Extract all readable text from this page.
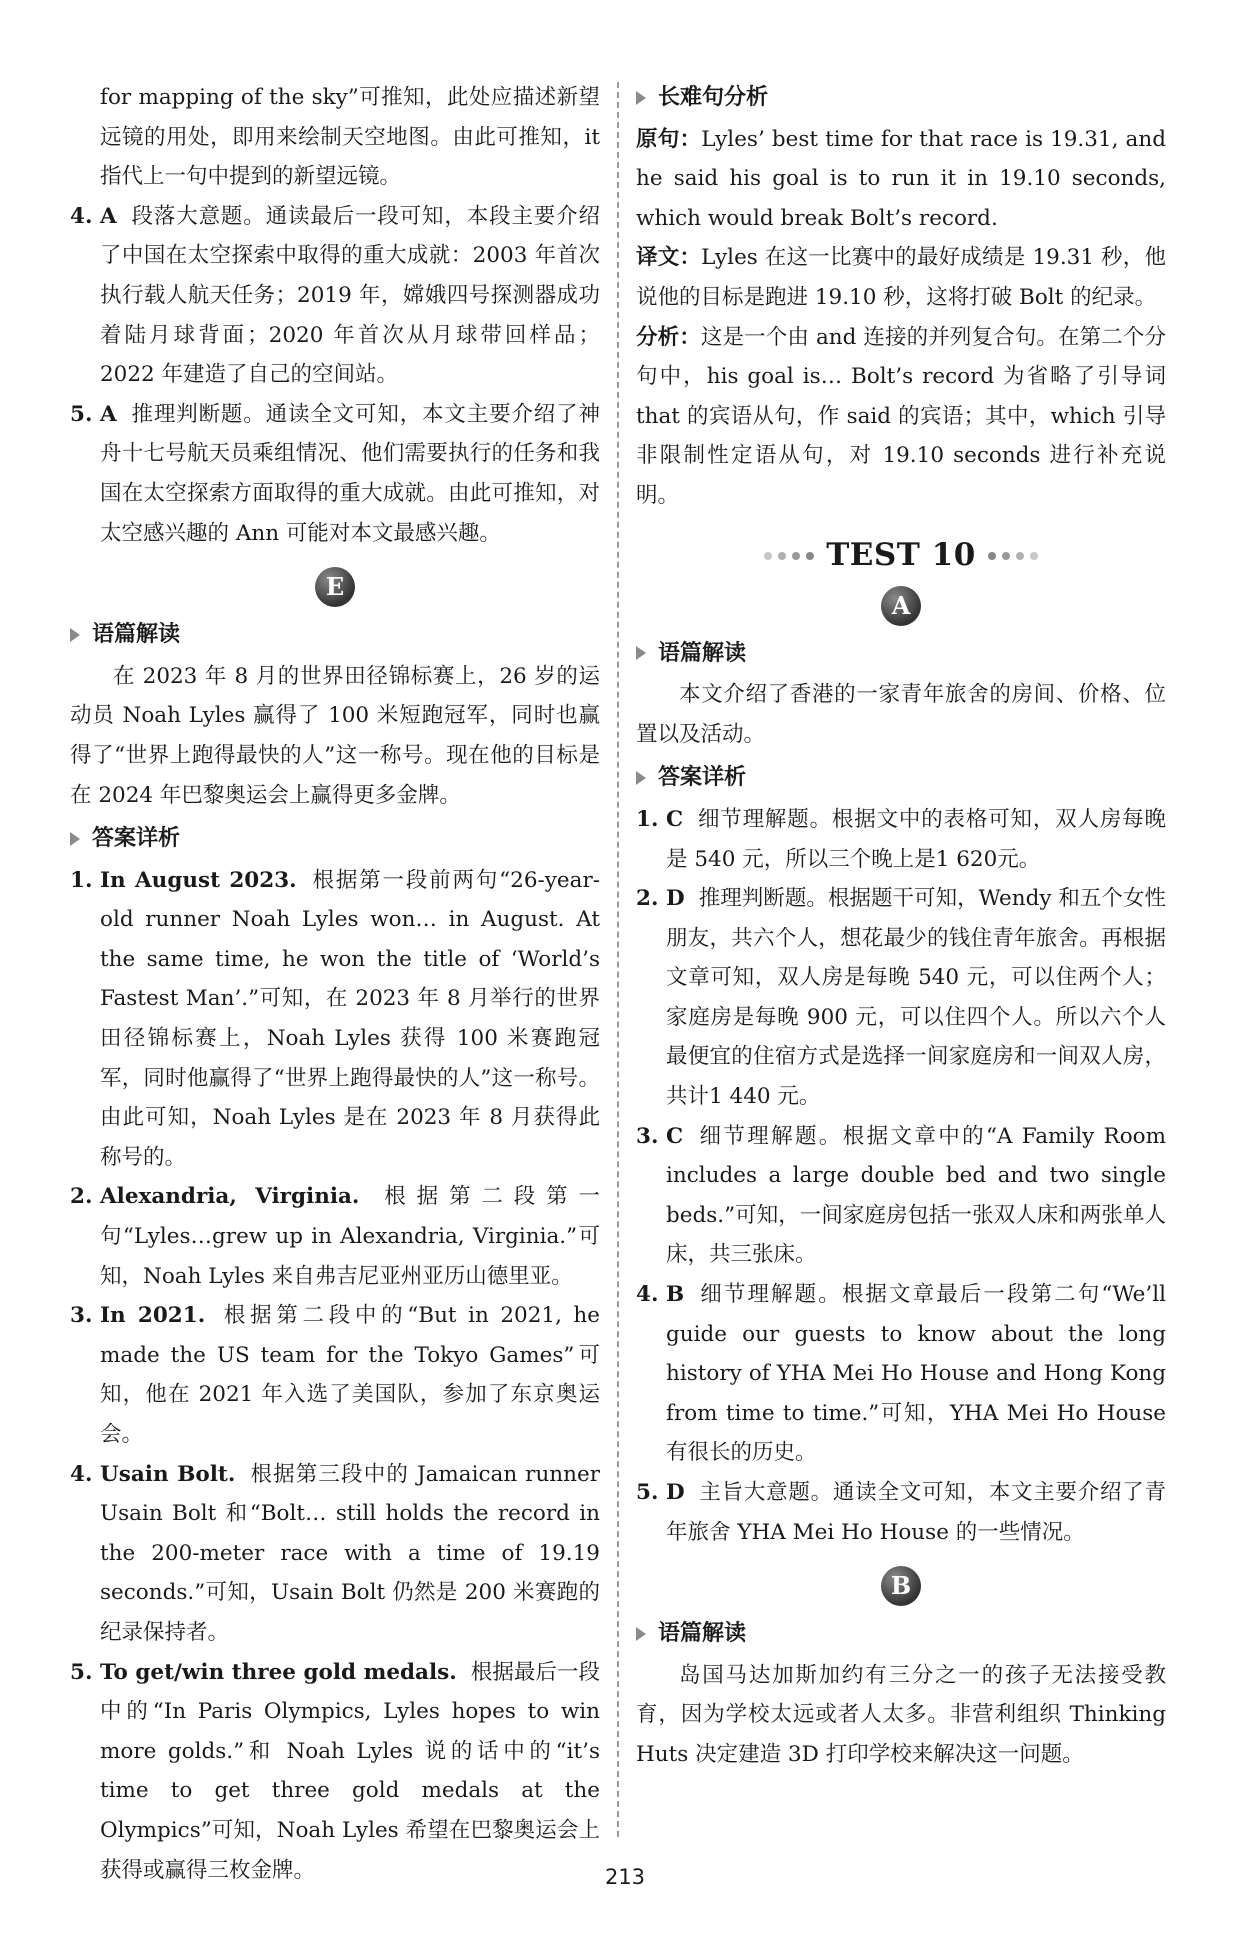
for mapping of the sky”可推知，此处应描述新望远镜的用处，即用来绘制天空地图。由此可推知，it 指代上一句中提到的新望远镜。

4. A 段落大意题。通读最后一段可知，本段主要介绍了中国在太空探索中取得的重大成就：2003 年首次执行载人航天任务；2019 年，嫦娥四号探测器成功着陆月球背面；2020 年首次从月球带回样品；2022 年建造了自己的空间站。
5. A 推理判断题。通读全文可知，本文主要介绍了神舟十七号航天员乘组情况、他们需要执行的任务和我国在太空探索方面取得的重大成就。由此可推知，对太空感兴趣的 Ann 可能对本文最感兴趣。
E
语篇解读

在 2023 年 8 月的世界田径锦标赛上，26 岁的运动员 Noah Lyles 赢得了 100 米短跑冠军，同时也赢得了“世界上跑得最快的人”这一称号。现在他的目标是在 2024 年巴黎奥运会上赢得更多金牌。

答案详析
1. In August 2023. 根据第一段前两句“26-year-old runner Noah Lyles won… in August. At the same time, he won the title of ‘World’s Fastest Man’.”可知，在 2023 年 8 月举行的世界田径锦标赛上，Noah Lyles 获得 100 米赛跑冠军，同时他赢得了“世界上跑得最快的人”这一称号。由此可知，Noah Lyles 是在 2023 年 8 月获得此称号的。
2. Alexandria, Virginia. 根据第二段第一句“Lyles…grew up in Alexandria, Virginia.”可知，Noah Lyles 来自弗吉尼亚州亚历山德里亚。
3. In 2021. 根据第二段中的“But in 2021, he made the US team for the Tokyo Games”可知，他在 2021 年入选了美国队，参加了东京奥运会。
4. Usain Bolt. 根据第三段中的 Jamaican runner Usain Bolt 和“Bolt… still holds the record in the 200-meter race with a time of 19.19 seconds.”可知，Usain Bolt 仍然是 200 米赛跑的纪录保持者。
5. To get/win three gold medals. 根据最后一段中的“In Paris Olympics, Lyles hopes to win more golds.”和 Noah Lyles 说的话中的“it’s time to get three gold medals at the Olympics”可知，Noah Lyles 希望在巴黎奥运会上获得或赢得三枚金牌。
长难句分析

原句：Lyles’ best time for that race is 19.31, and he said his goal is to run it in 19.10 seconds, which would break Bolt’s record.

译文：Lyles 在这一比赛中的最好成绩是 19.31 秒，他说他的目标是跑进 19.10 秒，这将打破 Bolt 的纪录。

分析：这是一个由 and 连接的并列复合句。在第二个分句中，his goal is… Bolt’s record 为省略了引导词 that 的宾语从句，作 said 的宾语；其中，which 引导非限制性定语从句，对 19.10 seconds 进行补充说明。

TEST 10
A
语篇解读

本文介绍了香港的一家青年旅舍的房间、价格、位置以及活动。

答案详析
1. C 细节理解题。根据文中的表格可知，双人房每晚是 540 元，所以三个晚上是1 620元。
2. D 推理判断题。根据题干可知，Wendy 和五个女性朋友，共六个人，想花最少的钱住青年旅舍。再根据文章可知，双人房是每晚 540 元，可以住两个人；家庭房是每晚 900 元，可以住四个人。所以六个人最便宜的住宿方式是选择一间家庭房和一间双人房，共计1 440 元。
3. C 细节理解题。根据文章中的“A Family Room includes a large double bed and two single beds.”可知，一间家庭房包括一张双人床和两张单人床，共三张床。
4. B 细节理解题。根据文章最后一段第二句“We’ll guide our guests to know about the long history of YHA Mei Ho House and Hong Kong from time to time.”可知，YHA Mei Ho House 有很长的历史。
5. D 主旨大意题。通读全文可知，本文主要介绍了青年旅舍 YHA Mei Ho House 的一些情况。
B
语篇解读

岛国马达加斯加约有三分之一的孩子无法接受教育，因为学校太远或者人太多。非营利组织 Thinking Huts 决定建造 3D 打印学校来解决这一问题。

213
